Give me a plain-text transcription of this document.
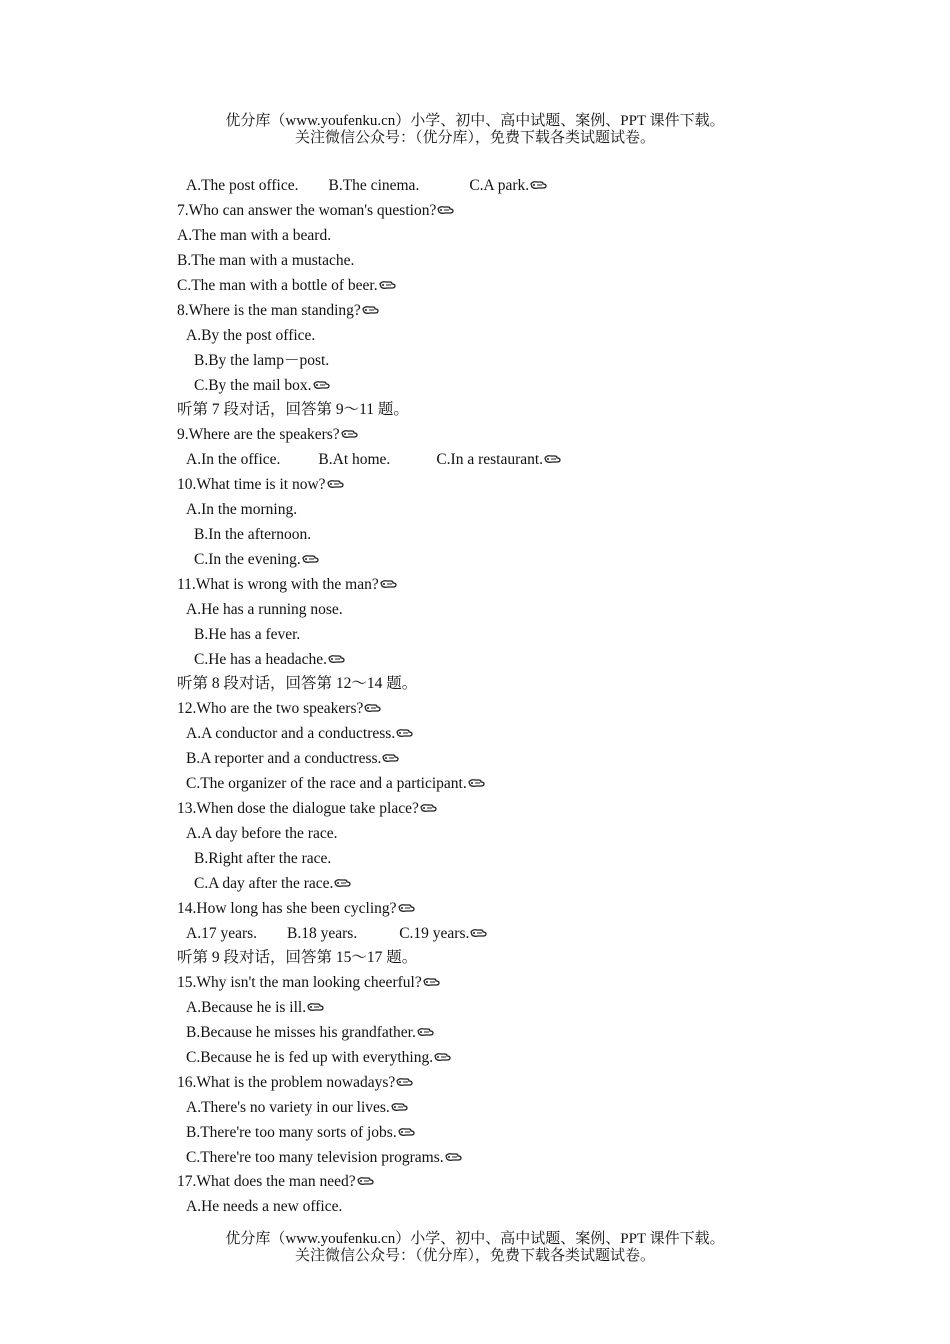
优分库（www.youfenku.cn）小学、初中、高中试题、案例、PPT 课件下载。
关注微信公众号：（优分库），免费下载各类试题试卷。
A.The post office. B.The cinema.	C.A park.
7.Who can answer the woman's question?
A.The man with a beard.
B.The man with a mustache.
C.The man with a bottle of beer.
8.Where is the man standing?
A.By the post office.
B.By the lamp－post.
C.By the mail box.
听第 7 段对话，回答第 9～11 题。
9.Where are the speakers?
A.In the office. B.At home.	C.In a restaurant.
10.What time is it now?
A.In the morning.
B.In the afternoon.
C.In the evening.
11.What is wrong with the man?
A.He has a running nose.
B.He has a fever.
C.He has a headache.
听第 8 段对话，回答第 12～14 题。
12.Who are the two speakers?
A.A conductor and a conductress.
B.A reporter and a conductress.
C.The organizer of the race and a participant.
13.When dose the dialogue take place?
A.A day before the race.
B.Right after the race.
C.A day after the race.
14.How long has she been cycling?
A.17 years. B.18 years.	C.19 years.
听第 9 段对话，回答第 15～17 题。
15.Why isn't the man looking cheerful?
A.Because he is ill.
B.Because he misses his grandfather.
C.Because he is fed up with everything.
16.What is the problem nowadays?
A.There's no variety in our lives.
B.There're too many sorts of jobs.
C.There're too many television programs.
17.What does the man need?
A.He needs a new office.
优分库（www.youfenku.cn）小学、初中、高中试题、案例、PPT 课件下载。
关注微信公众号：（优分库），免费下载各类试题试卷。
